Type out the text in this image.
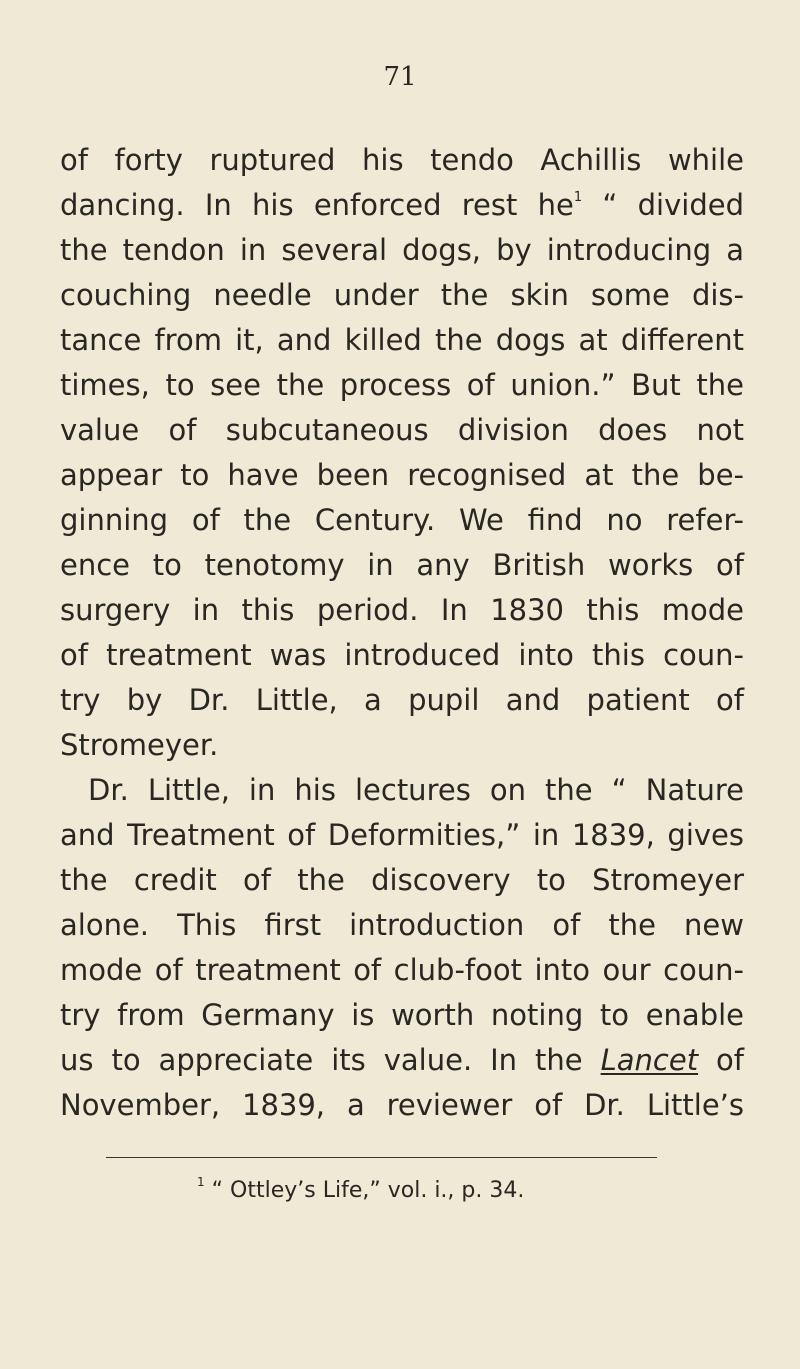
71
of forty ruptured his tendo Achillis while
dancing. In his enforced rest $he^1$ “ divided
the tendon in several dogs, by introducing a
couching needle under the skin some dis-
tance from it, and killed the dogs at different
times, to see the process of union.” But the
value of subcutaneous division does not
appear to have been recognised at the be-
ginning of the Century. We find no refer-
ence to tenotomy in any British works of
surgery in this period. In 1830 this mode
of treatment was introduced into this coun-
try by Dr. Little, a pupil and patient of
Stromeyer.
Dr. Little, in his lectures on the “ Nature
and Treatment of Deformities,” in 1839, gives
the credit of the discovery to Stromeyer
alone. This first introduction of the new
mode of treatment of club-foot into our coun-
try from Germany is worth noting to enable
us to appreciate its value. In the Lancet of
November, 1839, a reviewer of Dr. Little’s
$^1$ “ Ottley’s Life,” vol. i., p. 34.
